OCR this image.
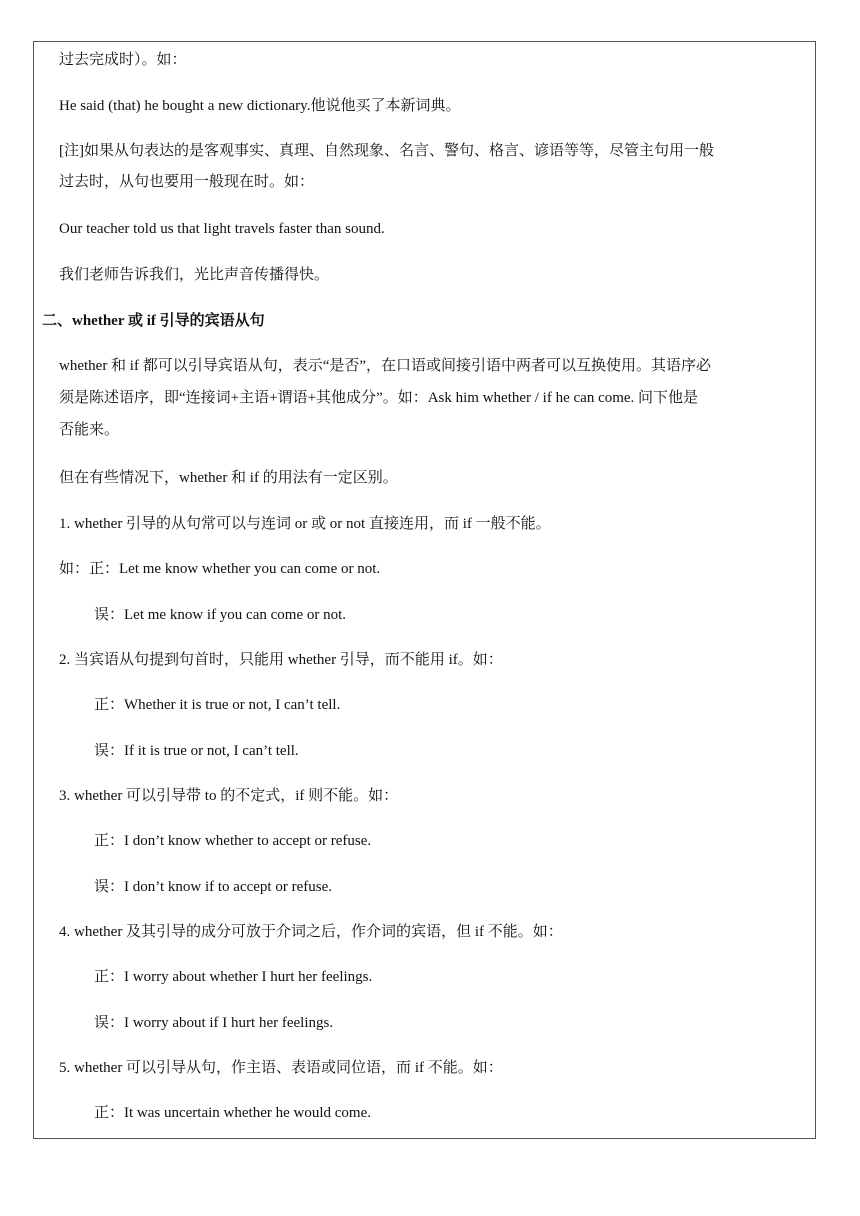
过去完成时）。如：
He said (that) he bought a new dictionary.他说他买了本新词典。
[注]如果从句表达的是客观事实、真理、自然现象、名言、警句、格言、谚语等等，尽管主句用一般
过去时，从句也要用一般现在时。如：
Our teacher told us that light travels faster than sound.
我们老师告诉我们，光比声音传播得快。
二、whether 或 if 引导的宾语从句
whether 和 if 都可以引导宾语从句，表示“是否”，在口语或间接引语中两者可以互换使用。其语序必
须是陈述语序，即“连接词+主语+谓语+其他成分”。如：Ask him whether / if he can come. 问下他是
否能来。
但在有些情况下，whether 和 if 的用法有一定区别。
1. whether 引导的从句常可以与连词 or 或 or not 直接连用，而 if 一般不能。
如：正：Let me know whether you can come or not.
误：Let me know if you can come or not.
2. 当宾语从句提到句首时，只能用 whether 引导，而不能用 if。如：
正：Whether it is true or not, I can’t tell.
误：If it is true or not, I can’t tell.
3. whether 可以引导带 to 的不定式，if 则不能。如：
正：I don’t know whether to accept or refuse.
误：I don’t know if to accept or refuse.
4. whether 及其引导的成分可放于介词之后，作介词的宾语，但 if 不能。如：
正：I worry about whether I hurt her feelings.
误：I worry about if I hurt her feelings.
5. whether 可以引导从句，作主语、表语或同位语，而 if 不能。如：
正：It was uncertain whether he would come.
